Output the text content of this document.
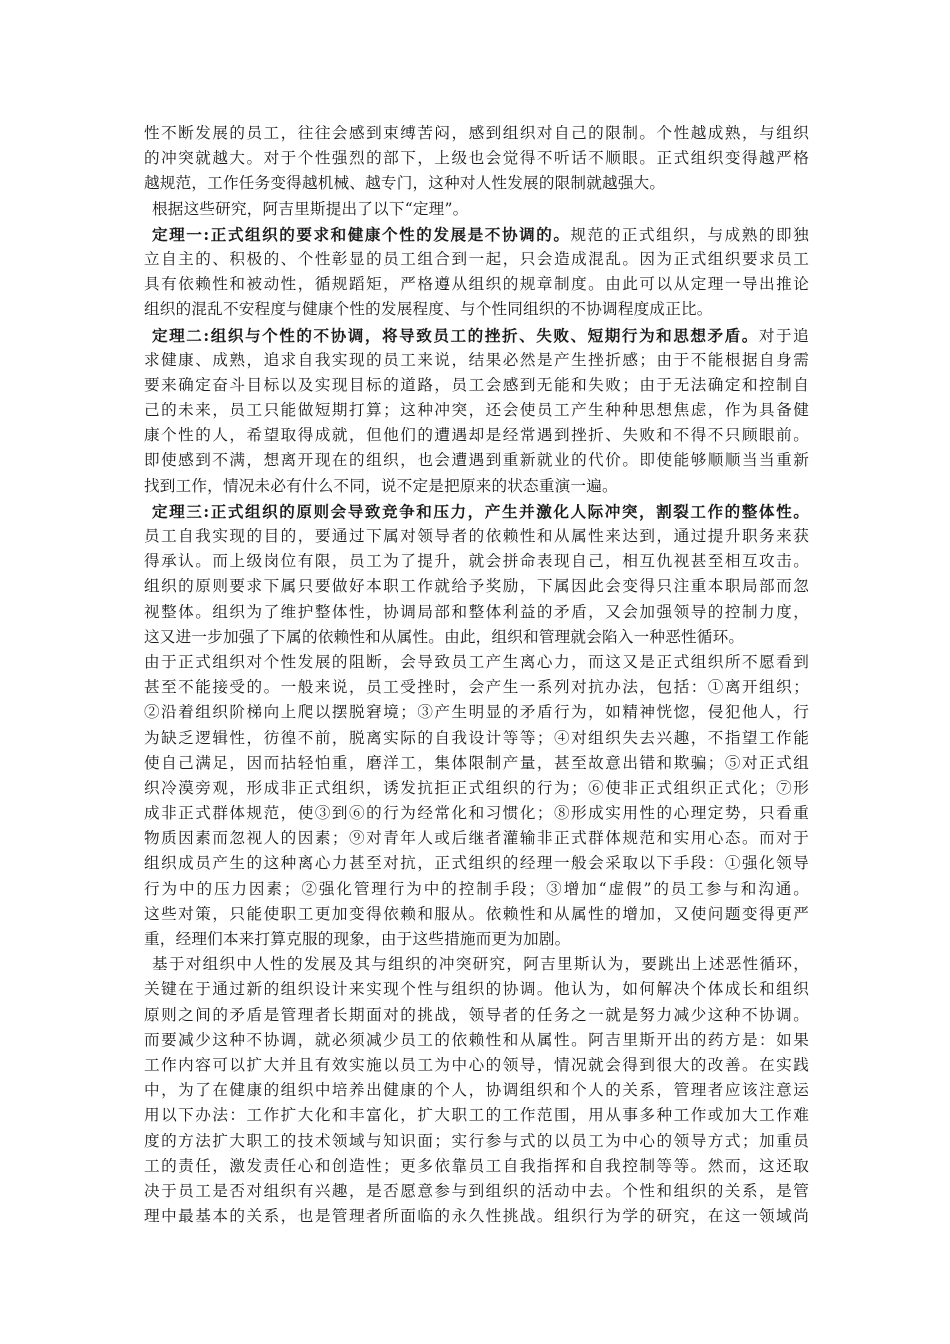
性不断发展的员工，往往会感到束缚苦闷，感到组织对自己的限制。个性越成熟，与组织
的冲突就越大。对于个性强烈的部下，上级也会觉得不听话不顺眼。正式组织变得越严格
越规范，工作任务变得越机械、越专门，这种对人性发展的限制就越强大。
根据这些研究，阿吉里斯提出了以下“定理”。
定理一:正式组织的要求和健康个性的发展是不协调的。规范的正式组织，与成熟的即独
立自主的、积极的、个性彰显的员工组合到一起，只会造成混乱。因为正式组织要求员工
具有依赖性和被动性，循规蹈矩，严格遵从组织的规章制度。由此可以从定理一导出推论
组织的混乱不安程度与健康个性的发展程度、与个性同组织的不协调程度成正比。
定理二:组织与个性的不协调，将导致员工的挫折、失败、短期行为和思想矛盾。对于追
求健康、成熟，追求自我实现的员工来说，结果必然是产生挫折感；由于不能根据自身需
要来确定奋斗目标以及实现目标的道路，员工会感到无能和失败；由于无法确定和控制自
己的未来，员工只能做短期打算；这种冲突，还会使员工产生种种思想焦虑，作为具备健
康个性的人，希望取得成就，但他们的遭遇却是经常遇到挫折、失败和不得不只顾眼前。
即使感到不满，想离开现在的组织，也会遭遇到重新就业的代价。即使能够顺顺当当重新
找到工作，情况未必有什么不同，说不定是把原来的状态重演一遍。
定理三:正式组织的原则会导致竞争和压力，产生并激化人际冲突，割裂工作的整体性。
员工自我实现的目的，要通过下属对领导者的依赖性和从属性来达到，通过提升职务来获
得承认。而上级岗位有限，员工为了提升，就会拼命表现自己，相互仇视甚至相互攻击。
组织的原则要求下属只要做好本职工作就给予奖励，下属因此会变得只注重本职局部而忽
视整体。组织为了维护整体性，协调局部和整体利益的矛盾，又会加强领导的控制力度，
这又进一步加强了下属的依赖性和从属性。由此，组织和管理就会陷入一种恶性循环。
由于正式组织对个性发展的阻断，会导致员工产生离心力，而这又是正式组织所不愿看到
甚至不能接受的。一般来说，员工受挫时，会产生一系列对抗办法，包括：①离开组织；
②沿着组织阶梯向上爬以摆脱窘境；③产生明显的矛盾行为，如精神恍惚，侵犯他人，行
为缺乏逻辑性，彷徨不前，脱离实际的自我设计等等；④对组织失去兴趣，不指望工作能
使自己满足，因而拈轻怕重，磨洋工，集体限制产量，甚至故意出错和欺骗；⑤对正式组
织冷漠旁观，形成非正式组织，诱发抗拒正式组织的行为；⑥使非正式组织正式化；⑦形
成非正式群体规范，使③到⑥的行为经常化和习惯化；⑧形成实用性的心理定势，只看重
物质因素而忽视人的因素；⑨对青年人或后继者灌输非正式群体规范和实用心态。而对于
组织成员产生的这种离心力甚至对抗，正式组织的经理一般会采取以下手段：①强化领导
行为中的压力因素；②强化管理行为中的控制手段；③增加“虚假”的员工参与和沟通。
这些对策，只能使职工更加变得依赖和服从。依赖性和从属性的增加，又使问题变得更严
重，经理们本来打算克服的现象，由于这些措施而更为加剧。
基于对组织中人性的发展及其与组织的冲突研究，阿吉里斯认为，要跳出上述恶性循环，
关键在于通过新的组织设计来实现个性与组织的协调。他认为，如何解决个体成长和组织
原则之间的矛盾是管理者长期面对的挑战，领导者的任务之一就是努力减少这种不协调。
而要减少这种不协调，就必须减少员工的依赖性和从属性。阿吉里斯开出的药方是：如果
工作内容可以扩大并且有效实施以员工为中心的领导，情况就会得到很大的改善。在实践
中，为了在健康的组织中培养出健康的个人，协调组织和个人的关系，管理者应该注意运
用以下办法：工作扩大化和丰富化，扩大职工的工作范围，用从事多种工作或加大工作难
度的方法扩大职工的技术领域与知识面；实行参与式的以员工为中心的领导方式；加重员
工的责任，激发责任心和创造性；更多依靠员工自我指挥和自我控制等等。然而，这还取
决于员工是否对组织有兴趣，是否愿意参与到组织的活动中去。个性和组织的关系，是管
理中最基本的关系，也是管理者所面临的永久性挑战。组织行为学的研究，在这一领域尚
